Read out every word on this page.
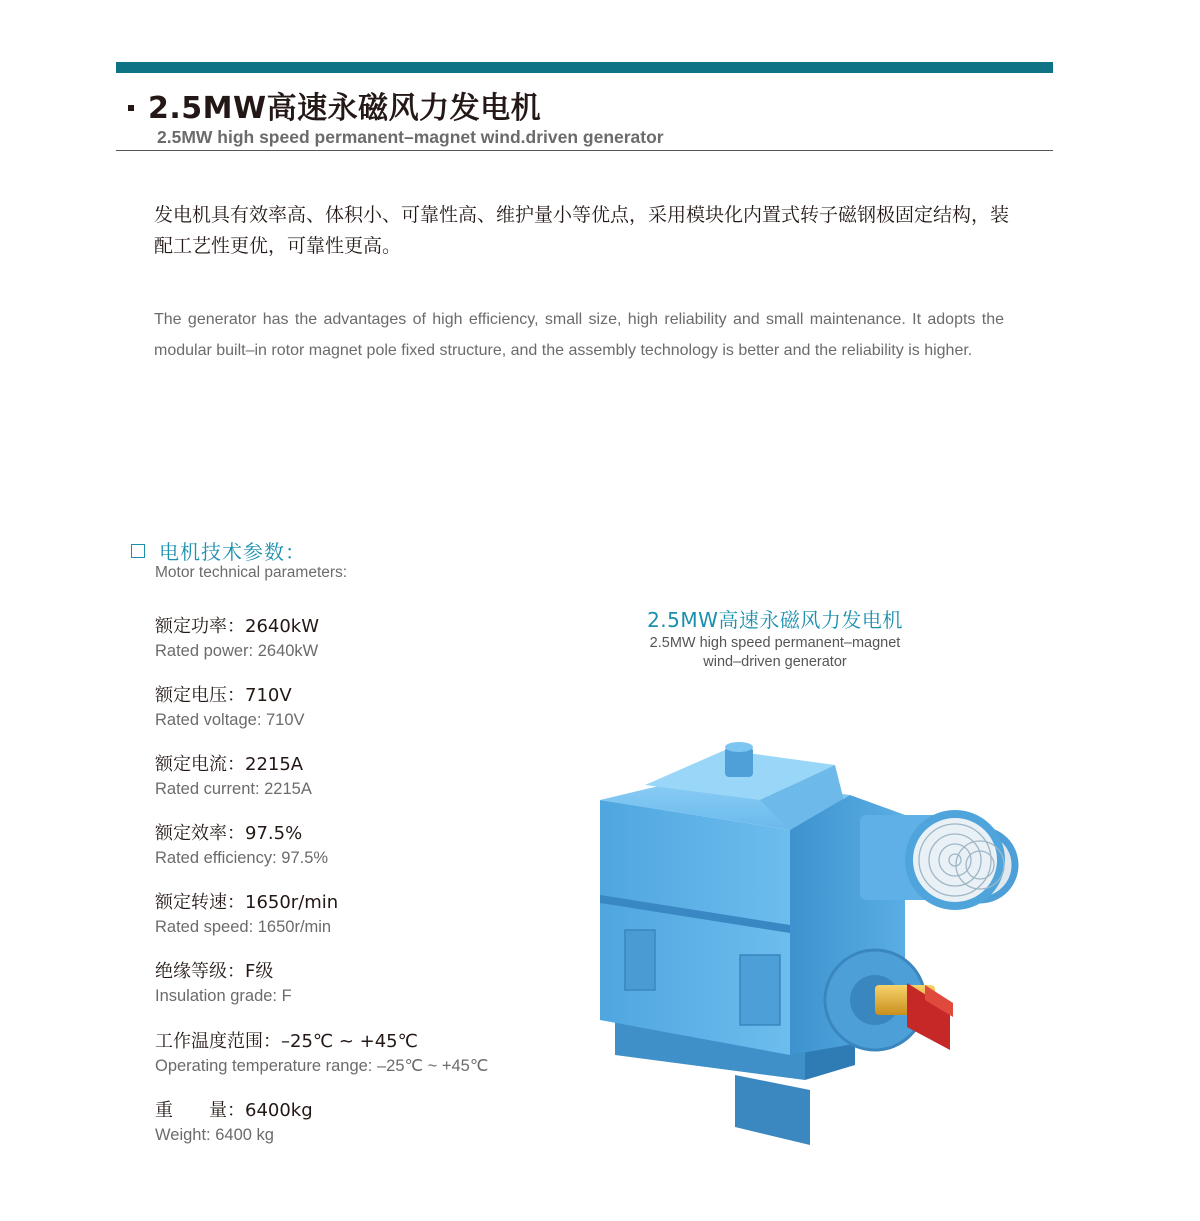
2.5MW高速永磁风力发电机
2.5MW high speed permanent–magnet wind.driven generator
发电机具有效率高、体积小、可靠性高、维护量小等优点，采用模块化内置式转子磁钢极固定结构，装配工艺性更优，可靠性更高。
The generator has the advantages of high efficiency, small size, high reliability and small maintenance. It adopts the modular built–in rotor magnet pole fixed structure, and the assembly technology is better and the reliability is higher.
电机技术参数：
Motor technical parameters:
额定功率：2640kW
Rated power: 2640kW
额定电压：710V
Rated voltage: 710V
额定电流：2215A
Rated current: 2215A
额定效率：97.5%
Rated efficiency: 97.5%
额定转速：1650r/min
Rated speed: 1650r/min
绝缘等级：F级
Insulation grade: F
工作温度范围：–25℃ ~ +45℃
Operating temperature range: –25℃ ~ +45℃
重　　量：6400kg
Weight: 6400 kg
2.5MW高速永磁风力发电机
2.5MW high speed permanent–magnet
wind–driven generator
